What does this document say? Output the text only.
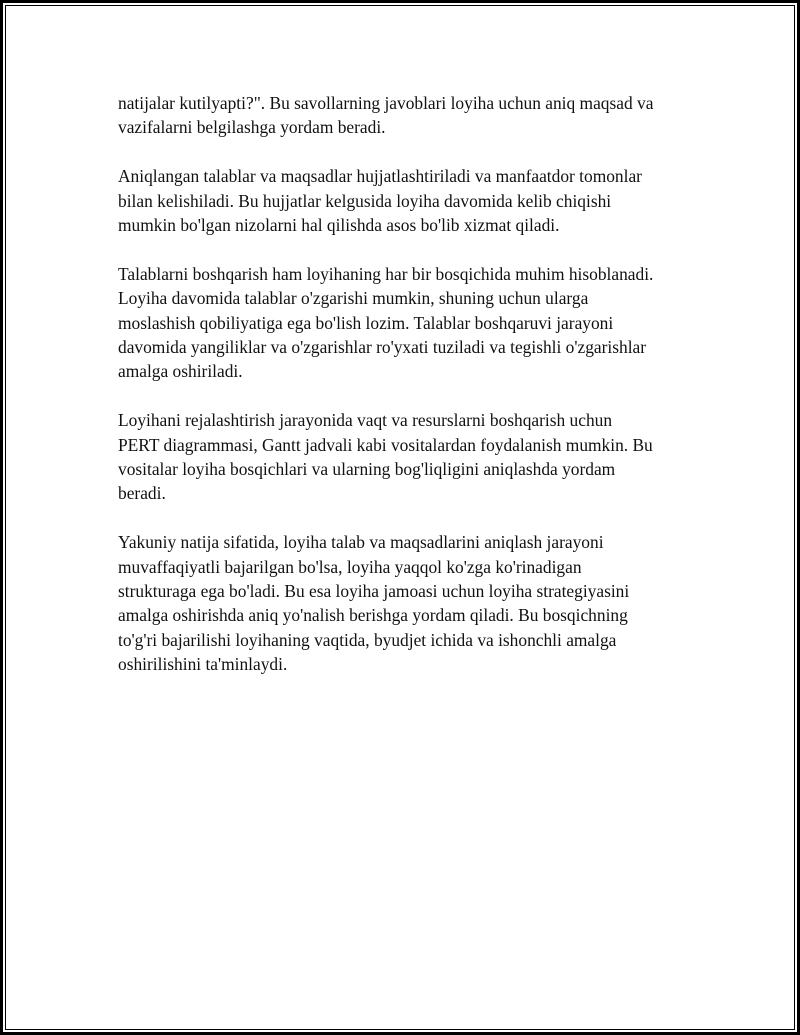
natijalar kutilyapti?". Bu savollarning javoblari loyiha uchun aniq maqsad va
vazifalarni belgilashga yordam beradi.

Aniqlangan talablar va maqsadlar hujjatlashtiriladi va manfaatdor tomonlar
bilan kelishiladi. Bu hujjatlar kelgusida loyiha davomida kelib chiqishi
mumkin bo'lgan nizolarni hal qilishda asos bo'lib xizmat qiladi.

Talablarni boshqarish ham loyihaning har bir bosqichida muhim hisoblanadi.
Loyiha davomida talablar o'zgarishi mumkin, shuning uchun ularga
moslashish qobiliyatiga ega bo'lish lozim. Talablar boshqaruvi jarayoni
davomida yangiliklar va o'zgarishlar ro'yxati tuziladi va tegishli o'zgarishlar
amalga oshiriladi.

Loyihani rejalashtirish jarayonida vaqt va resurslarni boshqarish uchun
PERT diagrammasi, Gantt jadvali kabi vositalardan foydalanish mumkin. Bu
vositalar loyiha bosqichlari va ularning bog'liqligini aniqlashda yordam
beradi.

Yakuniy natija sifatida, loyiha talab va maqsadlarini aniqlash jarayoni
muvaffaqiyatli bajarilgan bo'lsa, loyiha yaqqol ko'zga ko'rinadigan
strukturaga ega bo'ladi. Bu esa loyiha jamoasi uchun loyiha strategiyasini
amalga oshirishda aniq yo'nalish berishga yordam qiladi. Bu bosqichning
to'g'ri bajarilishi loyihaning vaqtida, byudjet ichida va ishonchli amalga
oshirilishini ta'minlaydi.
